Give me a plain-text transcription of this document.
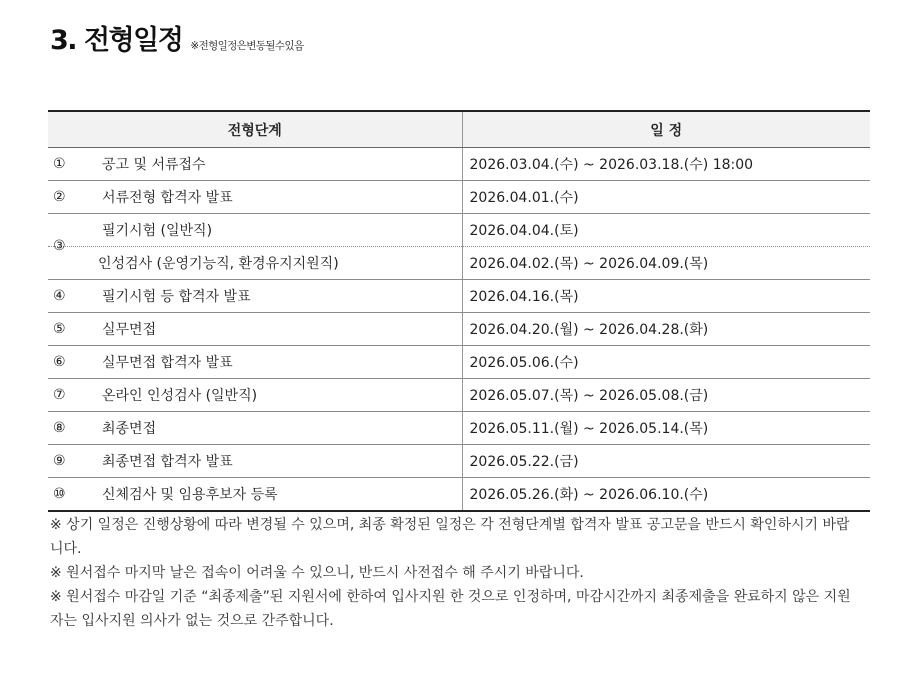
3. 전형일정 ※전형일정은변동될수있음
전형단계	일 정

① 공고 및 서류접수	2026.03.04.(수) ~ 2026.03.18.(수) 18:00

② 서류전형 합격자 발표	2026.04.01.(수)

③
필기시험 (일반직)	2026.04.04.(토)

인성검사 (운영기능직, 환경유지지원직)	2026.04.02.(목) ~ 2026.04.09.(목)

④ 필기시험 등 합격자 발표	2026.04.16.(목)

⑤ 실무면접	2026.04.20.(월) ~ 2026.04.28.(화)

⑥ 실무면접 합격자 발표	2026.05.06.(수)

⑦ 온라인 인성검사 (일반직)	2026.05.07.(목) ~ 2026.05.08.(금)

⑧ 최종면접	2026.05.11.(월) ~ 2026.05.14.(목)

⑨ 최종면접 합격자 발표	2026.05.22.(금)

⑩ 신체검사 및 임용후보자 등록	2026.05.26.(화) ~ 2026.06.10.(수)

※ 상기 일정은 진행상황에 따라 변경될 수 있으며, 최종 확정된 일정은 각 전형단계별 합격자 발표 공고문을 반드시 확인하시기 바랍니다.

※ 원서접수 마지막 날은 접속이 어려울 수 있으니, 반드시 사전접수 해 주시기 바랍니다.

※ 원서접수 마감일 기준 “최종제출”된 지원서에 한하여 입사지원 한 것으로 인정하며, 마감시간까지 최종제출을 완료하지 않은 지원자는 입사지원 의사가 없는 것으로 간주합니다.
